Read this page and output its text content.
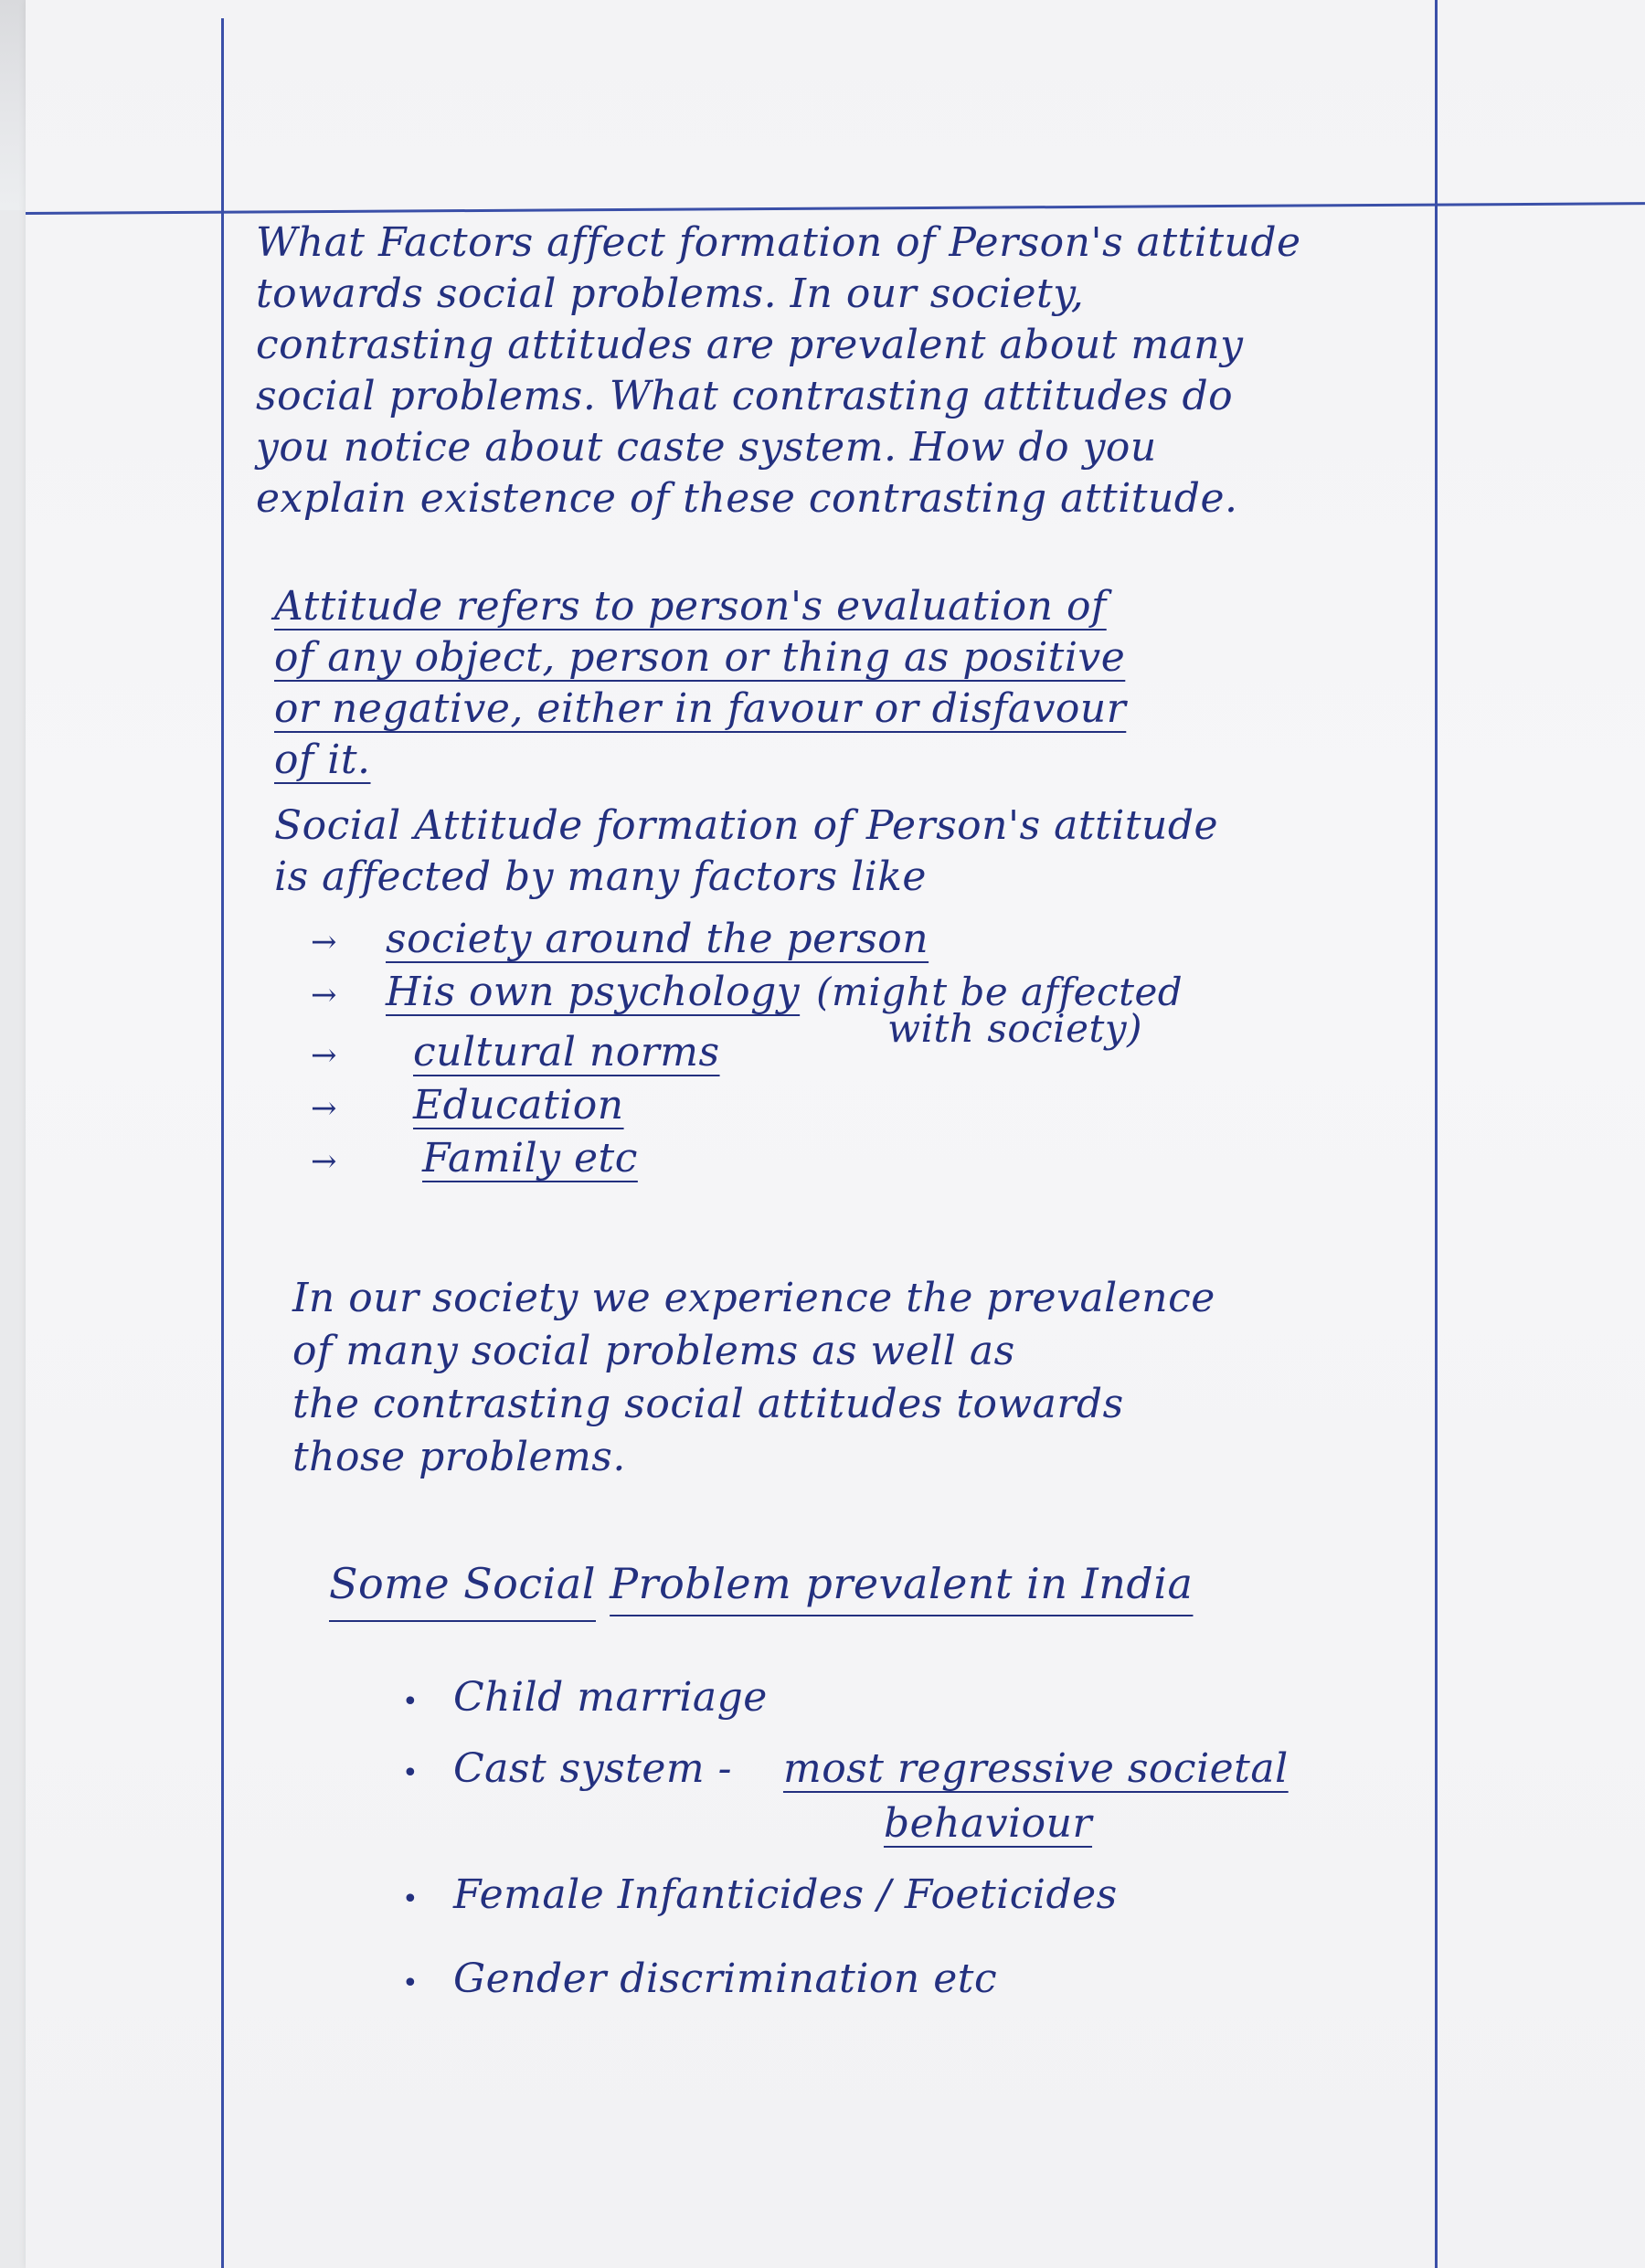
What Factors affect formation of Person's attitude
towards social problems. In our society,
contrasting attitudes are prevalent about many
social problems. What contrasting attitudes do
you notice about caste system. How do you
explain existence of these contrasting attitude.

Attitude refers to person's evaluation of
of any object, person or thing as positive
or negative, either in favour or disfavour
of it.

Social Attitude formation of Person's attitude
is affected by many factors like

→	society around the person
→	His own psychology (might be affected
with society)
→	cultural norms
→	Education
→	Family etc

In our society we experience the prevalence
of many social problems as well as
the contrasting social attitudes towards
those problems.

Some Social Problem prevalent in India
• Child marriage
• Cast system - most regressive societal
behaviour
• Female Infanticides / Foeticides
• Gender discrimination etc
